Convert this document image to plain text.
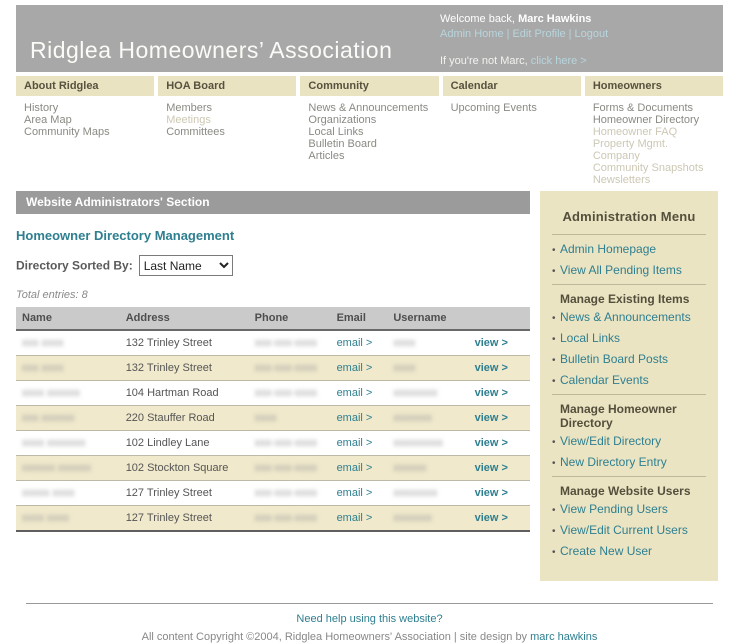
Ridglea Homeowners’ Association
Welcome back, Marc Hawkins
Admin Home | Edit Profile | Logout
If you're not Marc, click here >
About Ridglea
History
Area Map
Community Maps
HOA Board
Members
Meetings
Committees
Community
News & Announcements
Organizations
Local Links
Bulletin Board
Articles
Calendar
Upcoming Events
Homeowners
Forms & Documents
Homeowner Directory
Homeowner FAQ
Property Mgmt. Company
Community Snapshots
Newsletters
Website Administrators' Section
Homeowner Directory Management
Directory Sorted By:
Last Name
Total entries: 8
Name	Address	Phone	Email	Username	
xxx xxxx	132 Trinley Street	xxx-xxx-xxxx	email >	xxxx	view >

xxx xxxx	132 Trinley Street	xxx-xxx-xxxx	email >	xxxx	view >

xxxx xxxxxx	104 Hartman Road	xxx-xxx-xxxx	email >	xxxxxxxx	view >

xxx xxxxxx	220 Stauffer Road	xxxx	email >	xxxxxxx	view >

xxxx xxxxxxx	102 Lindley Lane	xxx-xxx-xxxx	email >	xxxxxxxxx	view >

xxxxxx xxxxxx	102 Stockton Square	xxx-xxx-xxxx	email >	xxxxxx	view >

xxxxx xxxx	127 Trinley Street	xxx-xxx-xxxx	email >	xxxxxxxx	view >

xxxx xxxx	127 Trinley Street	xxx-xxx-xxxx	email >	xxxxxxx	view >
Administration Menu
• Admin Homepage
• View All Pending Items
Manage Existing Items
• News & Announcements
• Local Links
• Bulletin Board Posts
• Calendar Events
Manage Homeowner Directory
• View/Edit Directory
• New Directory Entry
Manage Website Users
• View Pending Users
• View/Edit Current Users
• Create New User
Need help using this website?
All content Copyright ©2004, Ridglea Homeowners' Association | site design by marc hawkins
